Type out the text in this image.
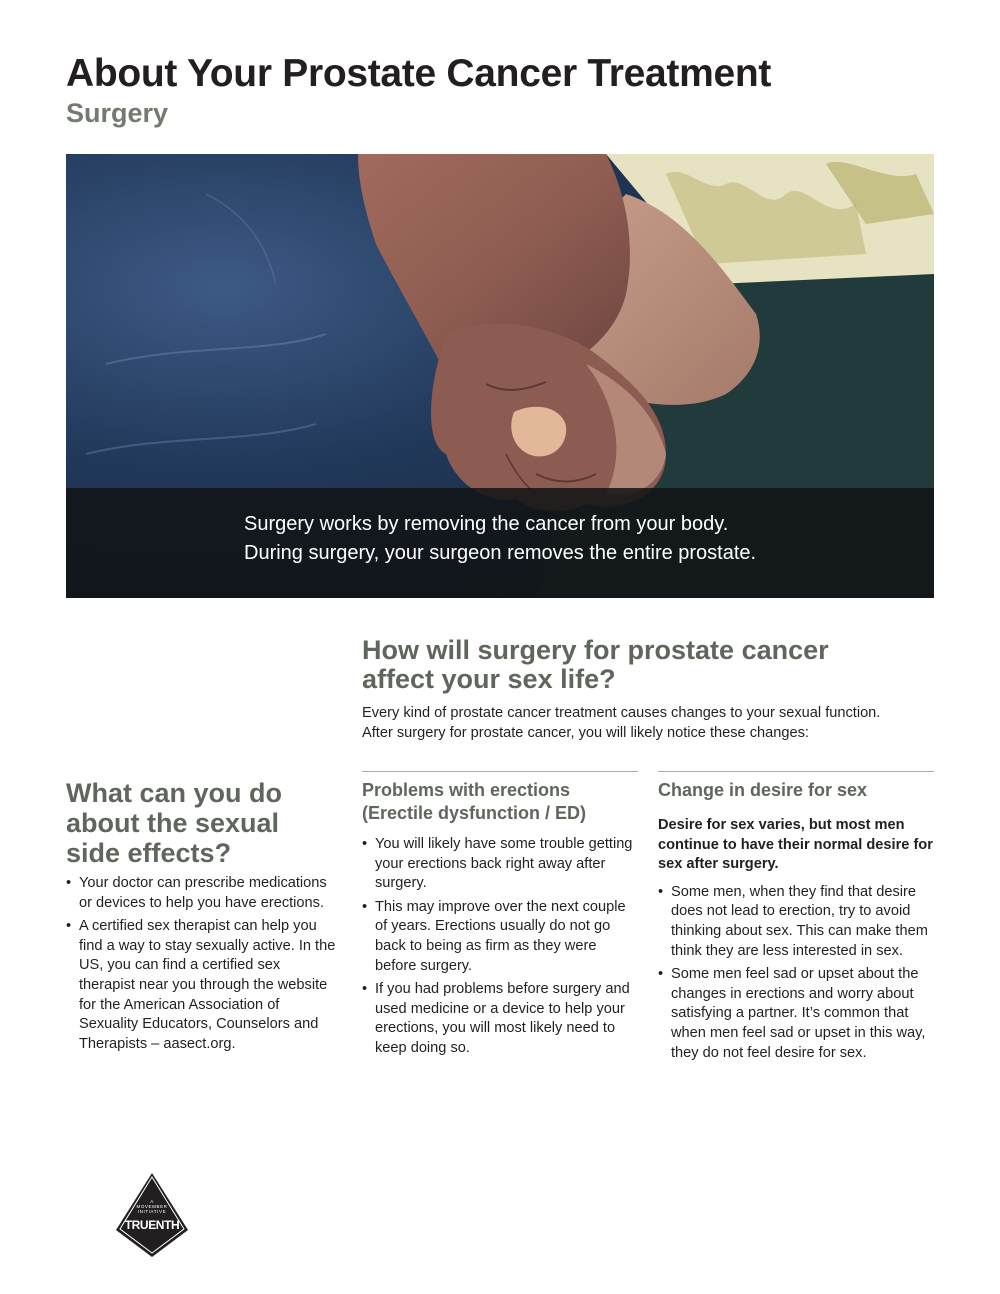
About Your Prostate Cancer Treatment
Surgery

Surgery works by removing the cancer from your body.
During surgery, your surgeon removes the entire prostate.

How will surgery for prostate cancer
affect your sex life?

Every kind of prostate cancer treatment causes changes to your sexual function.
After surgery for prostate cancer, you will likely notice these changes:

What can you do
about the sexual
side effects?
• Your doctor can prescribe medications or devices to help you have erections.
• A certified sex therapist can help you find a way to stay sexually active. In the US, you can find a certified sex therapist near you through the website for the American Association of Sexuality Educators, Counselors and Therapists – aasect.org.
Problems with erections
(Erectile dysfunction / ED)
• You will likely have some trouble getting your erections back right away after surgery.
• This may improve over the next couple of years. Erections usually do not go back to being as firm as they were before surgery.
• If you had problems before surgery and used medicine or a device to help your erections, you will most likely need to keep doing so.
Change in desire for sex

Desire for sex varies, but most men continue to have their normal desire for sex after surgery.

• Some men, when they find that desire does not lead to erection, try to avoid thinking about sex. This can make them think they are less interested in sex.
• Some men feel sad or upset about the changes in erections and worry about satisfying a partner. It’s common that when men feel sad or upset in this way, they do not feel desire for sex.
A
MOVEMBER
INITIATIVE
TRUENTH
